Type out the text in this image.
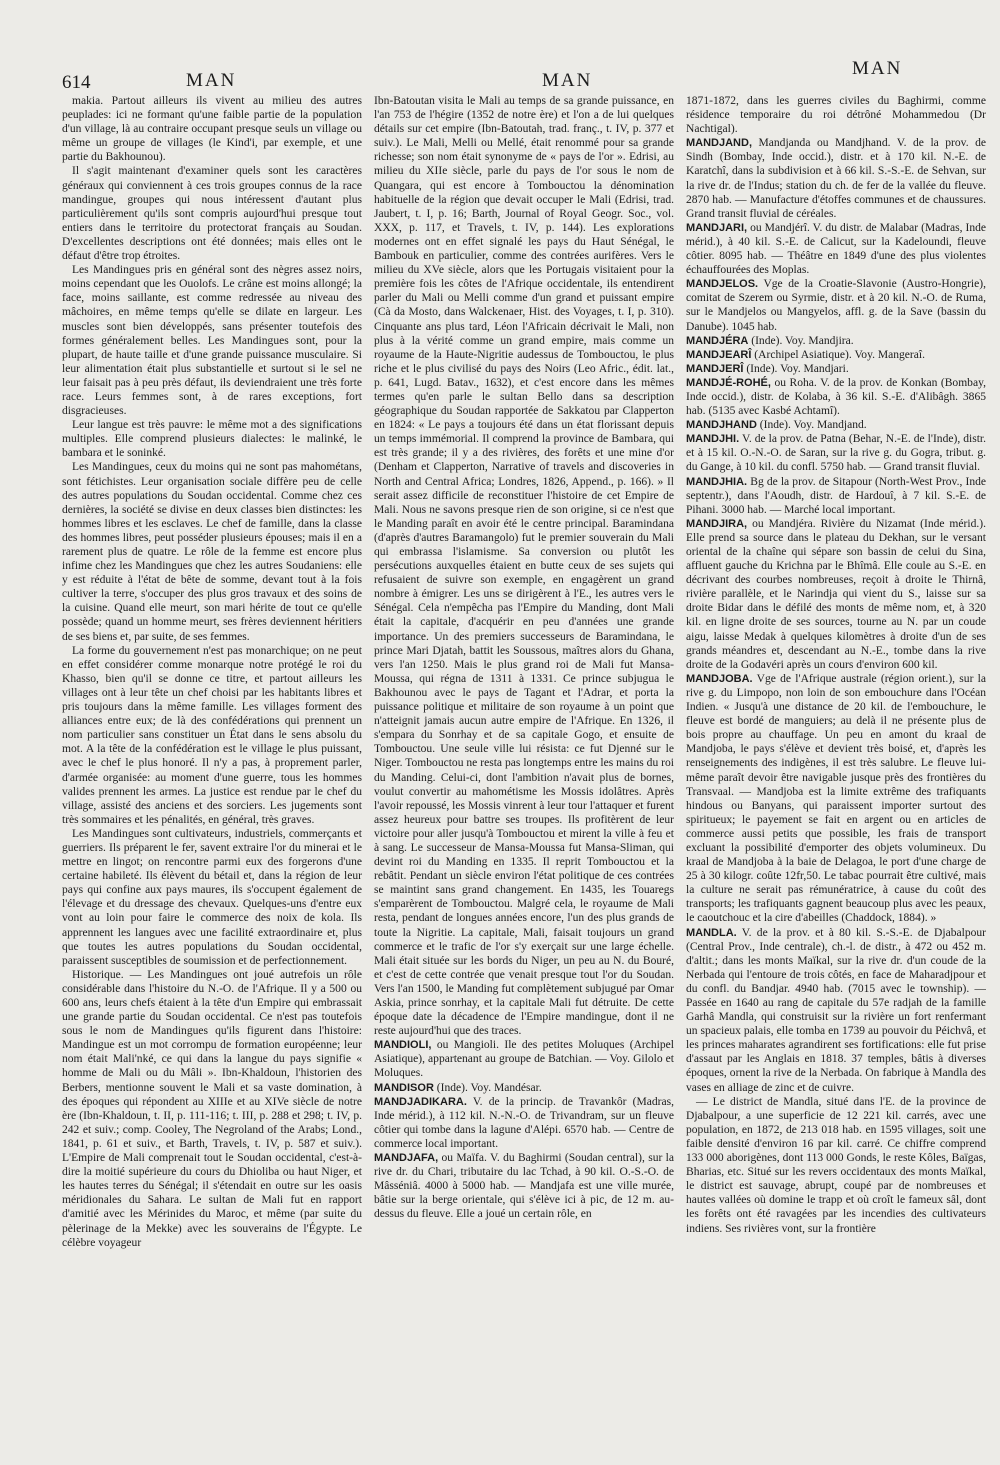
614	MAN	MAN
MAN

makia. Partout ailleurs ils vivent au milieu des autres peuplades: ici ne formant qu'une faible partie de la population d'un village, là au contraire occupant presque seuls un village ou même un groupe de villages (le Kind'i, par exemple, et une partie du Bakhounou).

Il s'agit maintenant d'examiner quels sont les caractères généraux qui conviennent à ces trois groupes connus de la race mandingue, groupes qui nous intéressent d'autant plus particulièrement qu'ils sont compris aujourd'hui presque tout entiers dans le territoire du protectorat français au Soudan. D'excellentes descriptions ont été données; mais elles ont le défaut d'être trop étroites.

Les Mandingues pris en général sont des nègres assez noirs, moins cependant que les Ouolofs. Le crâne est moins allongé; la face, moins saillante, est comme redressée au niveau des mâchoires, en même temps qu'elle se dilate en largeur. Les muscles sont bien développés, sans présenter toutefois des formes généralement belles. Les Mandingues sont, pour la plupart, de haute taille et d'une grande puissance musculaire. Si leur alimentation était plus substantielle et surtout si le sel ne leur faisait pas à peu près défaut, ils deviendraient une très forte race. Leurs femmes sont, à de rares exceptions, fort disgracieuses.

Leur langue est très pauvre: le même mot a des significations multiples. Elle comprend plusieurs dialectes: le malinké, le bambara et le soninké.

Les Mandingues, ceux du moins qui ne sont pas mahométans, sont fétichistes. Leur organisation sociale diffère peu de celle des autres populations du Soudan occidental. Comme chez ces dernières, la société se divise en deux classes bien distinctes: les hommes libres et les esclaves. Le chef de famille, dans la classe des hommes libres, peut posséder plusieurs épouses; mais il en a rarement plus de quatre. Le rôle de la femme est encore plus infime chez les Mandingues que chez les autres Soudaniens: elle y est réduite à l'état de bête de somme, devant tout à la fois cultiver la terre, s'occuper des plus gros travaux et des soins de la cuisine. Quand elle meurt, son mari hérite de tout ce qu'elle possède; quand un homme meurt, ses frères deviennent héritiers de ses biens et, par suite, de ses femmes.

La forme du gouvernement n'est pas monarchique; on ne peut en effet considérer comme monarque notre protégé le roi du Khasso, bien qu'il se donne ce titre, et partout ailleurs les villages ont à leur tête un chef choisi par les habitants libres et pris toujours dans la même famille. Les villages forment des alliances entre eux; de là des confédérations qui prennent un nom particulier sans constituer un État dans le sens absolu du mot. A la tête de la confédération est le village le plus puissant, avec le chef le plus honoré. Il n'y a pas, à proprement parler, d'armée organisée: au moment d'une guerre, tous les hommes valides prennent les armes. La justice est rendue par le chef du village, assisté des anciens et des sorciers. Les jugements sont très sommaires et les pénalités, en général, très graves.

Les Mandingues sont cultivateurs, industriels, commerçants et guerriers. Ils préparent le fer, savent extraire l'or du minerai et le mettre en lingot; on rencontre parmi eux des forgerons d'une certaine habileté. Ils élèvent du bétail et, dans la région de leur pays qui confine aux pays maures, ils s'occupent également de l'élevage et du dressage des chevaux. Quelques-uns d'entre eux vont au loin pour faire le commerce des noix de kola. Ils apprennent les langues avec une facilité extraordinaire et, plus que toutes les autres populations du Soudan occidental, paraissent susceptibles de soumission et de perfectionnement.

Historique. — Les Mandingues ont joué autrefois un rôle considérable dans l'histoire du N.-O. de l'Afrique. Il y a 500 ou 600 ans, leurs chefs étaient à la tête d'un Empire qui embrassait une grande partie du Soudan occidental. Ce n'est pas toutefois sous le nom de Mandingues qu'ils figurent dans l'histoire: Mandingue est un mot corrompu de formation européenne; leur nom était Mali'nké, ce qui dans la langue du pays signifie « homme de Mali ou du Mâli ». Ibn-Khaldoun, l'historien des Berbers, mentionne souvent le Mali et sa vaste domination, à des époques qui répondent au XIIIe et au XIVe siècle de notre ère (Ibn-Khaldoun, t. II, p. 111-116; t. III, p. 288 et 298; t. IV, p. 242 et suiv.; comp. Cooley, The Negroland of the Arabs; Lond., 1841, p. 61 et suiv., et Barth, Travels, t. IV, p. 587 et suiv.). L'Empire de Mali comprenait tout le Soudan occidental, c'est-à-dire la moitié supérieure du cours du Dhioliba ou haut Niger, et les hautes terres du Sénégal; il s'étendait en outre sur les oasis méridionales du Sahara. Le sultan de Mali fut en rapport d'amitié avec les Mérinides du Maroc, et même (par suite du pèlerinage de la Mekke) avec les souverains de l'Égypte. Le célèbre voyageur

Ibn-Batoutan visita le Mali au temps de sa grande puissance, en l'an 753 de l'hégire (1352 de notre ère) et l'on a de lui quelques détails sur cet empire (Ibn-Batoutah, trad. franç., t. IV, p. 377 et suiv.). Le Mali, Melli ou Mellé, était renommé pour sa grande richesse; son nom était synonyme de « pays de l'or ». Edrisi, au milieu du XIIe siècle, parle du pays de l'or sous le nom de Quangara, qui est encore à Tombouctou la dénomination habituelle de la région que devait occuper le Mali (Edrisi, trad. Jaubert, t. I, p. 16; Barth, Journal of Royal Geogr. Soc., vol. XXX, p. 117, et Travels, t. IV, p. 144). Les explorations modernes ont en effet signalé les pays du Haut Sénégal, le Bambouk en particulier, comme des contrées aurifères. Vers le milieu du XVe siècle, alors que les Portugais visitaient pour la première fois les côtes de l'Afrique occidentale, ils entendirent parler du Mali ou Melli comme d'un grand et puissant empire (Cà da Mosto, dans Walckenaer, Hist. des Voyages, t. I, p. 310). Cinquante ans plus tard, Léon l'Africain décrivait le Mali, non plus à la vérité comme un grand empire, mais comme un royaume de la Haute-Nigritie audessus de Tombouctou, le plus riche et le plus civilisé du pays des Noirs (Leo Afric., édit. lat., p. 641, Lugd. Batav., 1632), et c'est encore dans les mêmes termes qu'en parle le sultan Bello dans sa description géographique du Soudan rapportée de Sakkatou par Clapperton en 1824: « Le pays a toujours été dans un état florissant depuis un temps immémorial. Il comprend la province de Bambara, qui est très grande; il y a des rivières, des forêts et une mine d'or (Denham et Clapperton, Narrative of travels and discoveries in North and Central Africa; Londres, 1826, Append., p. 166). » Il serait assez difficile de reconstituer l'histoire de cet Empire de Mali. Nous ne savons presque rien de son origine, si ce n'est que le Manding paraît en avoir été le centre principal. Baramindana (d'après d'autres Baramangolo) fut le premier souverain du Mali qui embrassa l'islamisme. Sa conversion ou plutôt les persécutions auxquelles étaient en butte ceux de ses sujets qui refusaient de suivre son exemple, en engagèrent un grand nombre à émigrer. Les uns se dirigèrent à l'E., les autres vers le Sénégal. Cela n'empêcha pas l'Empire du Manding, dont Mali était la capitale, d'acquérir en peu d'années une grande importance. Un des premiers successeurs de Baramindana, le prince Mari Djatah, battit les Soussous, maîtres alors du Ghana, vers l'an 1250. Mais le plus grand roi de Mali fut Mansa-Moussa, qui régna de 1311 à 1331. Ce prince subjugua le Bakhounou avec le pays de Tagant et l'Adrar, et porta la puissance politique et militaire de son royaume à un point que n'atteignit jamais aucun autre empire de l'Afrique. En 1326, il s'empara du Sonrhay et de sa capitale Gogo, et ensuite de Tombouctou. Une seule ville lui résista: ce fut Djenné sur le Niger. Tombouctou ne resta pas longtemps entre les mains du roi du Manding. Celui-ci, dont l'ambition n'avait plus de bornes, voulut convertir au mahométisme les Mossis idolâtres. Après l'avoir repoussé, les Mossis vinrent à leur tour l'attaquer et furent assez heureux pour battre ses troupes. Ils profitèrent de leur victoire pour aller jusqu'à Tombouctou et mirent la ville à feu et à sang. Le successeur de Mansa-Moussa fut Mansa-Sliman, qui devint roi du Manding en 1335. Il reprit Tombouctou et la rebâtit. Pendant un siècle environ l'état politique de ces contrées se maintint sans grand changement. En 1435, les Touaregs s'emparèrent de Tombouctou. Malgré cela, le royaume de Mali resta, pendant de longues années encore, l'un des plus grands de toute la Nigritie. La capitale, Mali, faisait toujours un grand commerce et le trafic de l'or s'y exerçait sur une large échelle. Mali était située sur les bords du Niger, un peu au N. du Bouré, et c'est de cette contrée que venait presque tout l'or du Soudan. Vers l'an 1500, le Manding fut complètement subjugué par Omar Askia, prince sonrhay, et la capitale Mali fut détruite. De cette époque date la décadence de l'Empire mandingue, dont il ne reste aujourd'hui que des traces.

MANDIOLI, ou Mangioli. Ile des petites Moluques (Archipel Asiatique), appartenant au groupe de Batchian. — Voy. Gilolo et Moluques.

MANDISOR (Inde). Voy. Mandésar.

MANDJADIKARA. V. de la princip. de Travankôr (Madras, Inde mérid.), à 112 kil. N.-N.-O. de Trivandram, sur un fleuve côtier qui tombe dans la lagune d'Alépi. 6570 hab. — Centre de commerce local important.

MANDJAFA, ou Maïfa. V. du Baghirmi (Soudan central), sur la rive dr. du Chari, tributaire du lac Tchad, à 90 kil. O.-S.-O. de Mâsséniâ. 4000 à 5000 hab. — Mandjafa est une ville murée, bâtie sur la berge orientale, qui s'élève ici à pic, de 12 m. au-dessus du fleuve. Elle a joué un certain rôle, en

1871-1872, dans les guerres civiles du Baghirmi, comme résidence temporaire du roi détrôné Mohammedou (Dr Nachtigal).

MANDJAND, Mandjanda ou Mandjhand. V. de la prov. de Sindh (Bombay, Inde occid.), distr. et à 170 kil. N.-E. de Karatchî, dans la subdivision et à 66 kil. S.-S.-E. de Sehvan, sur la rive dr. de l'Indus; station du ch. de fer de la vallée du fleuve. 2870 hab. — Manufacture d'étoffes communes et de chaussures. Grand transit fluvial de céréales.

MANDJARI, ou Mandjérî. V. du distr. de Malabar (Madras, Inde mérid.), à 40 kil. S.-E. de Calicut, sur la Kadeloundi, fleuve côtier. 8095 hab. — Théâtre en 1849 d'une des plus violentes échauffourées des Moplas.

MANDJELOS. Vge de la Croatie-Slavonie (Austro-Hongrie), comitat de Szerem ou Syrmie, distr. et à 20 kil. N.-O. de Ruma, sur le Mandjelos ou Mangyelos, affl. g. de la Save (bassin du Danube). 1045 hab.

MANDJÉRA (Inde). Voy. Mandjira.

MANDJEARÎ (Archipel Asiatique). Voy. Mangeraî.

MANDJERÎ (Inde). Voy. Mandjari.

MANDJÉ-ROHÉ, ou Roha. V. de la prov. de Konkan (Bombay, Inde occid.), distr. de Kolaba, à 36 kil. S.-E. d'Alibâgh. 3865 hab. (5135 avec Kasbé Achtamî).

MANDJHAND (Inde). Voy. Mandjand.

MANDJHI. V. de la prov. de Patna (Behar, N.-E. de l'Inde), distr. et à 15 kil. O.-N.-O. de Saran, sur la rive g. du Gogra, tribut. g. du Gange, à 10 kil. du confl. 5750 hab. — Grand transit fluvial.

MANDJHIA. Bg de la prov. de Sitapour (North-West Prov., Inde septentr.), dans l'Aoudh, distr. de Hardouî, à 7 kil. S.-E. de Pihani. 3000 hab. — Marché local important.

MANDJIRA, ou Mandjéra. Rivière du Nizamat (Inde mérid.). Elle prend sa source dans le plateau du Dekhan, sur le versant oriental de la chaîne qui sépare son bassin de celui du Sina, affluent gauche du Krichna par le Bhîmâ. Elle coule au S.-E. en décrivant des courbes nombreuses, reçoit à droite le Thirnâ, rivière parallèle, et le Narindja qui vient du S., laisse sur sa droite Bidar dans le défilé des monts de même nom, et, à 320 kil. en ligne droite de ses sources, tourne au N. par un coude aigu, laisse Medak à quelques kilomètres à droite d'un de ses grands méandres et, descendant au N.-E., tombe dans la rive droite de la Godavéri après un cours d'environ 600 kil.

MANDJOBA. Vge de l'Afrique australe (région orient.), sur la rive g. du Limpopo, non loin de son embouchure dans l'Océan Indien. « Jusqu'à une distance de 20 kil. de l'embouchure, le fleuve est bordé de manguiers; au delà il ne présente plus de bois propre au chauffage. Un peu en amont du kraal de Mandjoba, le pays s'élève et devient très boisé, et, d'après les renseignements des indigènes, il est très salubre. Le fleuve lui-même paraît devoir être navigable jusque près des frontières du Transvaal. — Mandjoba est la limite extrême des trafiquants hindous ou Banyans, qui paraissent importer surtout des spiritueux; le payement se fait en argent ou en articles de commerce aussi petits que possible, les frais de transport excluant la possibilité d'emporter des objets volumineux. Du kraal de Mandjoba à la baie de Delagoa, le port d'une charge de 25 à 30 kilogr. coûte 12fr,50. Le tabac pourrait être cultivé, mais la culture ne serait pas rémunératrice, à cause du coût des transports; les trafiquants gagnent beaucoup plus avec les peaux, le caoutchouc et la cire d'abeilles (Chaddock, 1884). »

MANDLA. V. de la prov. et à 80 kil. S.-S.-E. de Djabalpour (Central Prov., Inde centrale), ch.-l. de distr., à 472 ou 452 m. d'altit.; dans les monts Maïkal, sur la rive dr. d'un coude de la Nerbada qui l'entoure de trois côtés, en face de Maharadjpour et du confl. du Bandjar. 4940 hab. (7015 avec le township). — Passée en 1640 au rang de capitale du 57e radjah de la famille Garhâ Mandla, qui construisit sur la rivière un fort renfermant un spacieux palais, elle tomba en 1739 au pouvoir du Péichvâ, et les princes maharates agrandirent ses fortifications: elle fut prise d'assaut par les Anglais en 1818. 37 temples, bâtis à diverses époques, ornent la rive de la Nerbada. On fabrique à Mandla des vases en alliage de zinc et de cuivre.

— Le district de Mandla, situé dans l'E. de la province de Djabalpour, a une superficie de 12 221 kil. carrés, avec une population, en 1872, de 213 018 hab. en 1595 villages, soit une faible densité d'environ 16 par kil. carré. Ce chiffre comprend 133 000 aborigènes, dont 113 000 Gonds, le reste Kôles, Baïgas, Bharias, etc. Situé sur les revers occidentaux des monts Maïkal, le district est sauvage, abrupt, coupé par de nombreuses et hautes vallées où domine le trapp et où croît le fameux sâl, dont les forêts ont été ravagées par les incendies des cultivateurs indiens. Ses rivières vont, sur la frontière
